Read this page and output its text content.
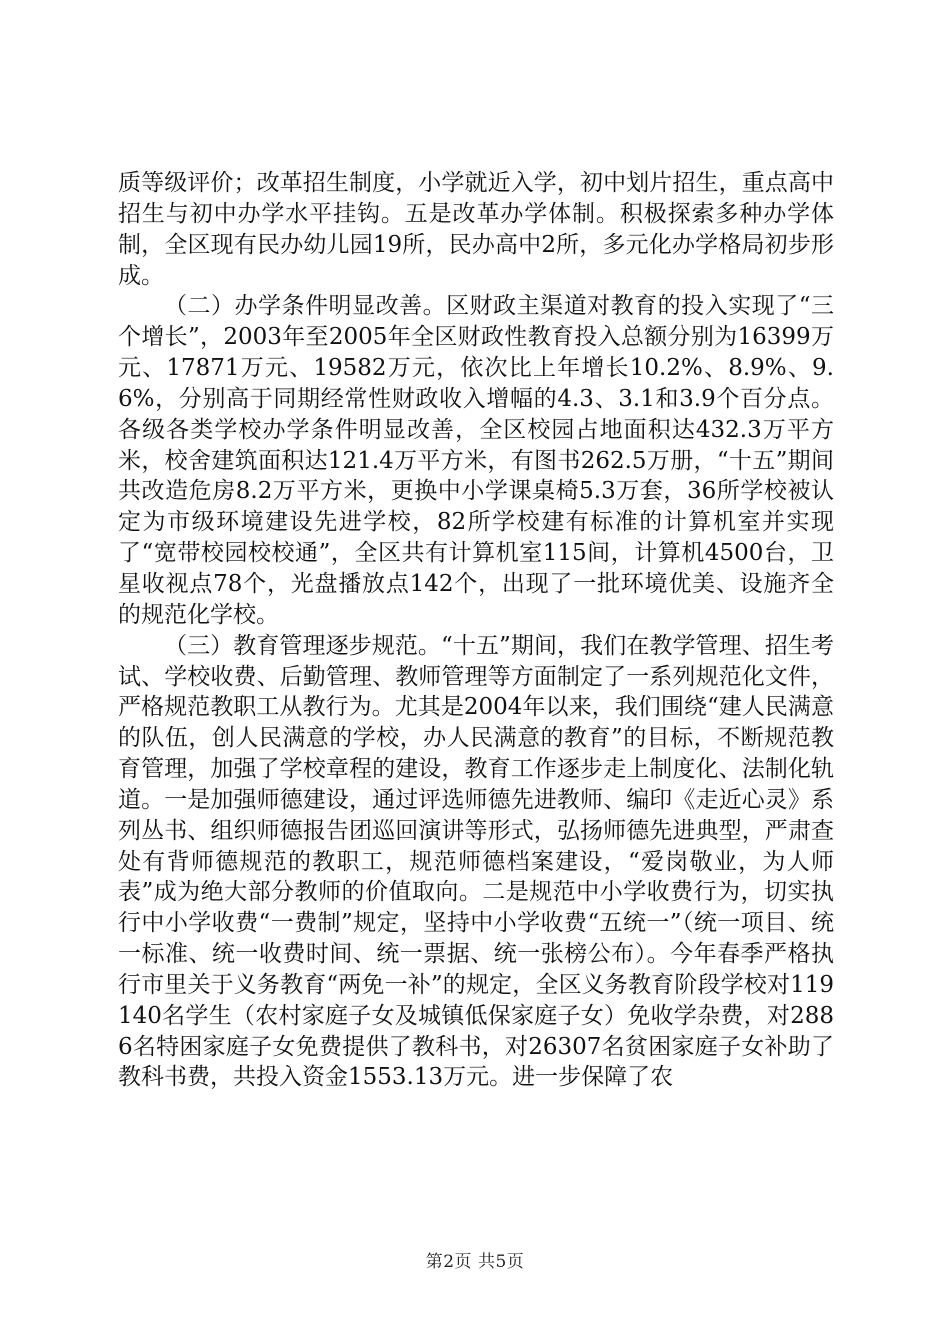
质等级评价；改革招生制度，小学就近入学，初中划片招生，重点高中招生与初中办学水平挂钩。五是改革办学体制。积极探索多种办学体制，全区现有民办幼儿园19所，民办高中2所，多元化办学格局初步形成。

（二）办学条件明显改善。区财政主渠道对教育的投入实现了“三个增长”，2003年至2005年全区财政性教育投入总额分别为16399万元、17871万元、19582万元，依次比上年增长10.2%、8.9%、9.6%，分别高于同期经常性财政收入增幅的4.3、3.1和3.9个百分点。各级各类学校办学条件明显改善，全区校园占地面积达432.3万平方米，校舍建筑面积达121.4万平方米，有图书262.5万册，“十五”期间共改造危房8.2万平方米，更换中小学课桌椅5.3万套，36所学校被认定为市级环境建设先进学校，82所学校建有标准的计算机室并实现了“宽带校园校校通”，全区共有计算机室115间，计算机4500台，卫星收视点78个，光盘播放点142个，出现了一批环境优美、设施齐全的规范化学校。

（三）教育管理逐步规范。“十五”期间，我们在教学管理、招生考试、学校收费、后勤管理、教师管理等方面制定了一系列规范化文件，严格规范教职工从教行为。尤其是2004年以来，我们围绕“建人民满意的队伍，创人民满意的学校，办人民满意的教育”的目标，不断规范教育管理，加强了学校章程的建设，教育工作逐步走上制度化、法制化轨道。一是加强师德建设，通过评选师德先进教师、编印《走近心灵》系列丛书、组织师德报告团巡回演讲等形式，弘扬师德先进典型，严肃查处有背师德规范的教职工，规范师德档案建设，“爱岗敬业，为人师表”成为绝大部分教师的价值取向。二是规范中小学收费行为，切实执行中小学收费“一费制”规定，坚持中小学收费“五统一”（统一项目、统一标准、统一收费时间、统一票据、统一张榜公布）。今年春季严格执行市里关于义务教育“两免一补”的规定，全区义务教育阶段学校对119140名学生（农村家庭子女及城镇低保家庭子女）免收学杂费，对2886名特困家庭子女免费提供了教科书，对26307名贫困家庭子女补助了教科书费，共投入资金1553.13万元。进一步保障了农

第2页 共5页
